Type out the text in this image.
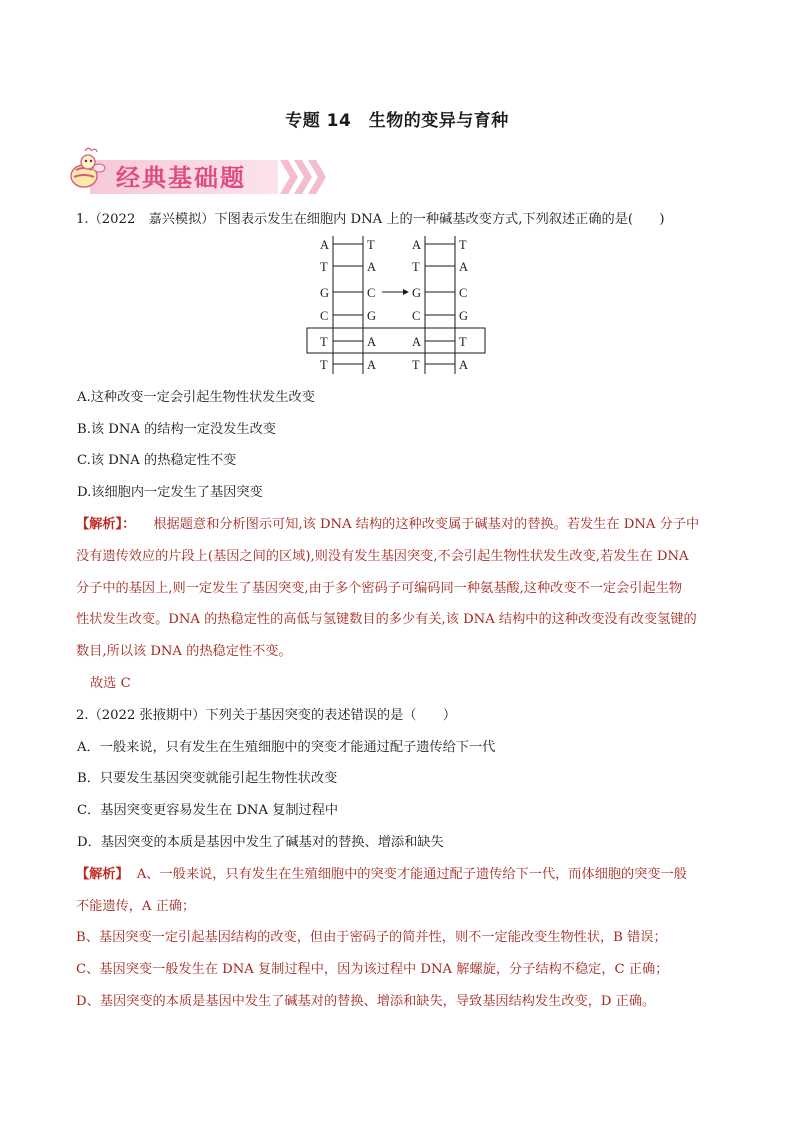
专题 14　生物的变异与育种
经典基础题
1.（2022　嘉兴模拟）下图表示发生在细胞内 DNA 上的一种碱基改变方式,下列叙述正确的是(　　)
A
T
G
C
T
T
T
A
C
G
A
A
A
T
G
C
A
T
T
A
C
G
T
A
A.这种改变一定会引起生物性状发生改变
B.该 DNA 的结构一定没发生改变
C.该 DNA 的热稳定性不变
D.该细胞内一定发生了基因突变
【解析】： 根据题意和分析图示可知,该 DNA 结构的这种改变属于碱基对的替换。若发生在 DNA 分子中
没有遗传效应的片段上(基因之间的区域),则没有发生基因突变,不会引起生物性状发生改变,若发生在 DNA
分子中的基因上,则一定发生了基因突变,由于多个密码子可编码同一种氨基酸,这种改变不一定会引起生物
性状发生改变。DNA 的热稳定性的高低与氢键数目的多少有关,该 DNA 结构中的这种改变没有改变氢键的
数目,所以该 DNA 的热稳定性不变。
故选 C
2.（2022 张掖期中）下列关于基因突变的表述错误的是（　　）
A．一般来说，只有发生在生殖细胞中的突变才能通过配子遗传给下一代
B．只要发生基因突变就能引起生物性状改变
C．基因突变更容易发生在 DNA 复制过程中
D．基因突变的本质是基因中发生了碱基对的替换、增添和缺失
【解析】 A、一般来说，只有发生在生殖细胞中的突变才能通过配子遗传给下一代，而体细胞的突变一般
不能遗传，A 正确；
B、基因突变一定引起基因结构的改变，但由于密码子的简并性，则不一定能改变生物性状，B 错误；
C、基因突变一般发生在 DNA 复制过程中，因为该过程中 DNA 解螺旋，分子结构不稳定，C 正确；
D、基因突变的本质是基因中发生了碱基对的替换、增添和缺失，导致基因结构发生改变，D 正确。
